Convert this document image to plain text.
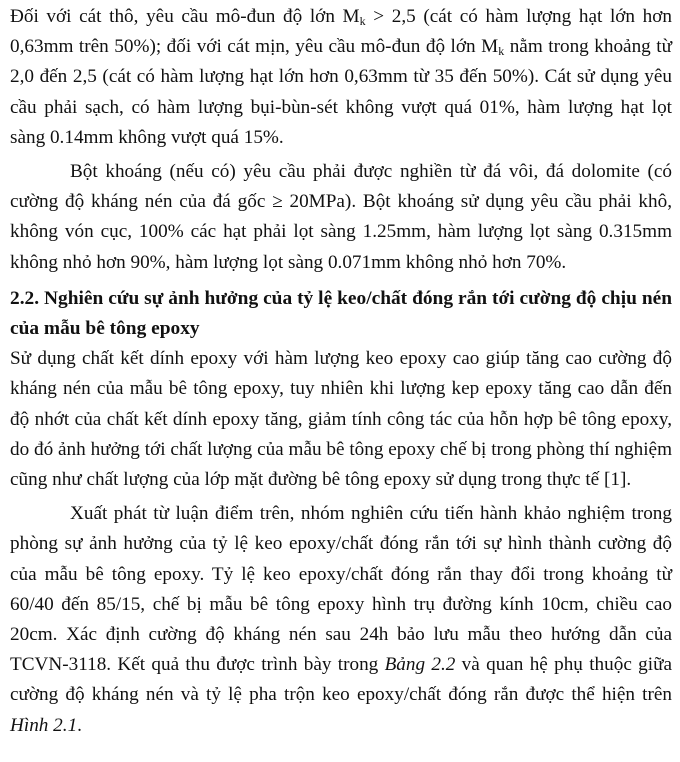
Đối với cát thô, yêu cầu mô-đun độ lớn $M_k > 2,5$ (cát có hàm lượng hạt lớn hơn 0,63mm trên 50%); đối với cát mịn, yêu cầu mô-đun độ lớn $M_k$ nằm trong khoảng từ 2,0 đến 2,5 (cát có hàm lượng hạt lớn hơn 0,63mm từ 35 đến 50%). Cát sử dụng yêu cầu phải sạch, có hàm lượng bụi-bùn-sét không vượt quá 01%, hàm lượng hạt lọt sàng 0.14mm không vượt quá 15%.

Bột khoáng (nếu có) yêu cầu phải được nghiền từ đá vôi, đá dolomite (có cường độ kháng nén của đá gốc ≥ 20MPa). Bột khoáng sử dụng yêu cầu phải khô, không vón cục, 100% các hạt phải lọt sàng 1.25mm, hàm lượng lọt sàng 0.315mm không nhỏ hơn 90%, hàm lượng lọt sàng 0.071mm không nhỏ hơn 70%.

2.2. Nghiên cứu sự ảnh hưởng của tỷ lệ keo/chất đóng rắn tới cường độ chịu nén của mẫu bê tông epoxy

Sử dụng chất kết dính epoxy với hàm lượng keo epoxy cao giúp tăng cao cường độ kháng nén của mẫu bê tông epoxy, tuy nhiên khi lượng kep epoxy tăng cao dẫn đến độ nhớt của chất kết dính epoxy tăng, giảm tính công tác của hỗn hợp bê tông epoxy, do đó ảnh hưởng tới chất lượng của mẫu bê tông epoxy chế bị trong phòng thí nghiệm cũng như chất lượng của lớp mặt đường bê tông epoxy sử dụng trong thực tế [1].

Xuất phát từ luận điểm trên, nhóm nghiên cứu tiến hành khảo nghiệm trong phòng sự ảnh hưởng của tỷ lệ keo epoxy/chất đóng rắn tới sự hình thành cường độ của mẫu bê tông epoxy. Tỷ lệ keo epoxy/chất đóng rắn thay đổi trong khoảng từ 60/40 đến 85/15, chế bị mẫu bê tông epoxy hình trụ đường kính 10cm, chiều cao 20cm. Xác định cường độ kháng nén sau 24h bảo lưu mẫu theo hướng dẫn của TCVN-3118. Kết quả thu được trình bày trong Bảng 2.2 và quan hệ phụ thuộc giữa cường độ kháng nén và tỷ lệ pha trộn keo epoxy/chất đóng rắn được thể hiện trên Hình 2.1.
